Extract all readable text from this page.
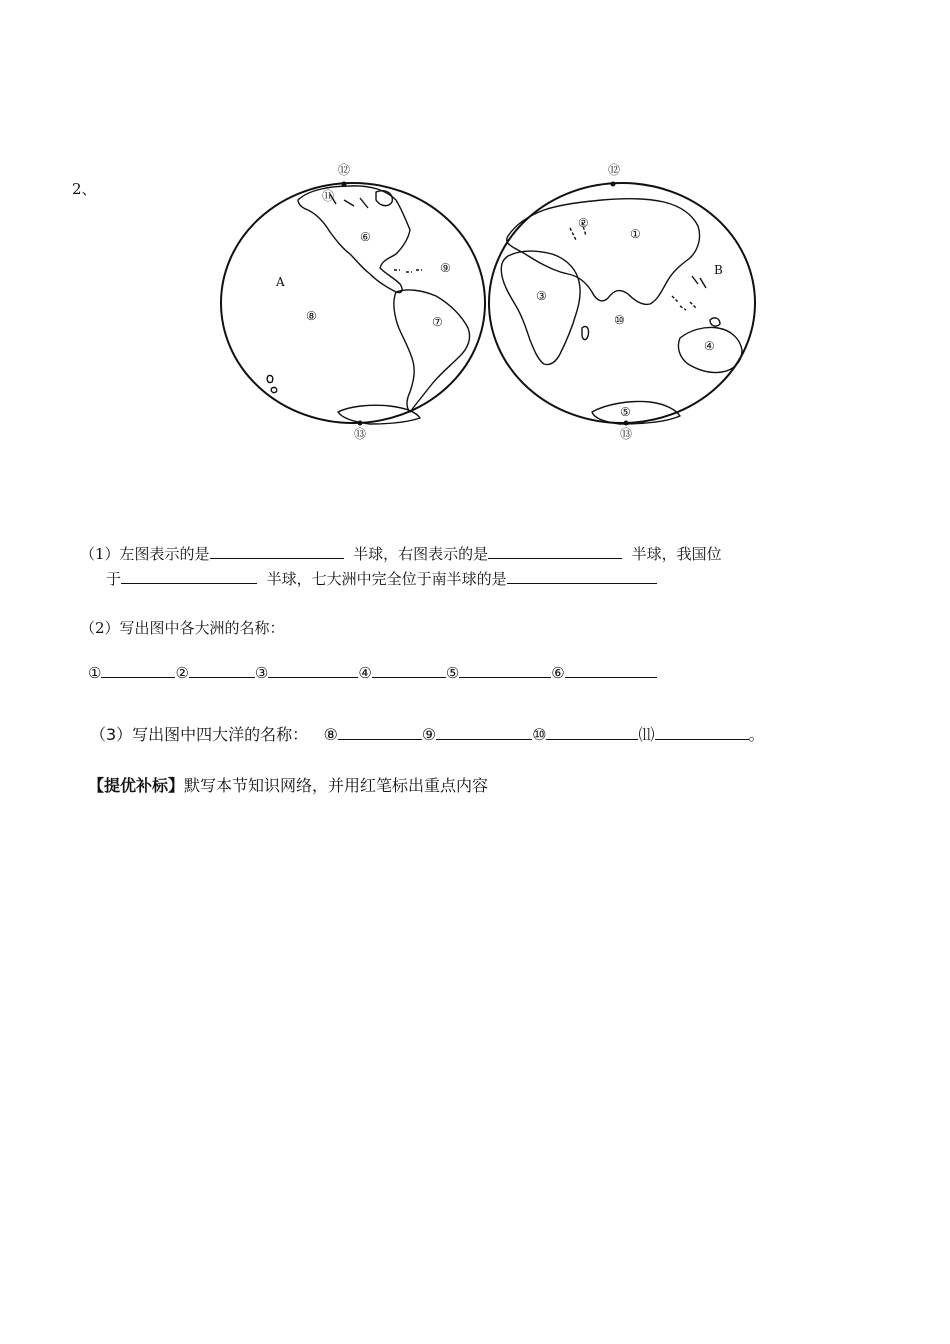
2、
⑫
⑪
⑥
⑨
A
⑧	⑦
⑬
⑫
②
①
B
③
⑩
④
⑤
⑬
（1）左图表示的是	半球，右图表示的是	半球，我国位
于	半球，七大洲中完全位于南半球的是
（2）写出图中各大洲的名称：
①	②	③	④	⑤	⑥
（3）写出图中四大洋的名称： ⑧	⑨	⑩	⑾	。
【提优补标】默写本节知识网络，并用红笔标出重点内容
